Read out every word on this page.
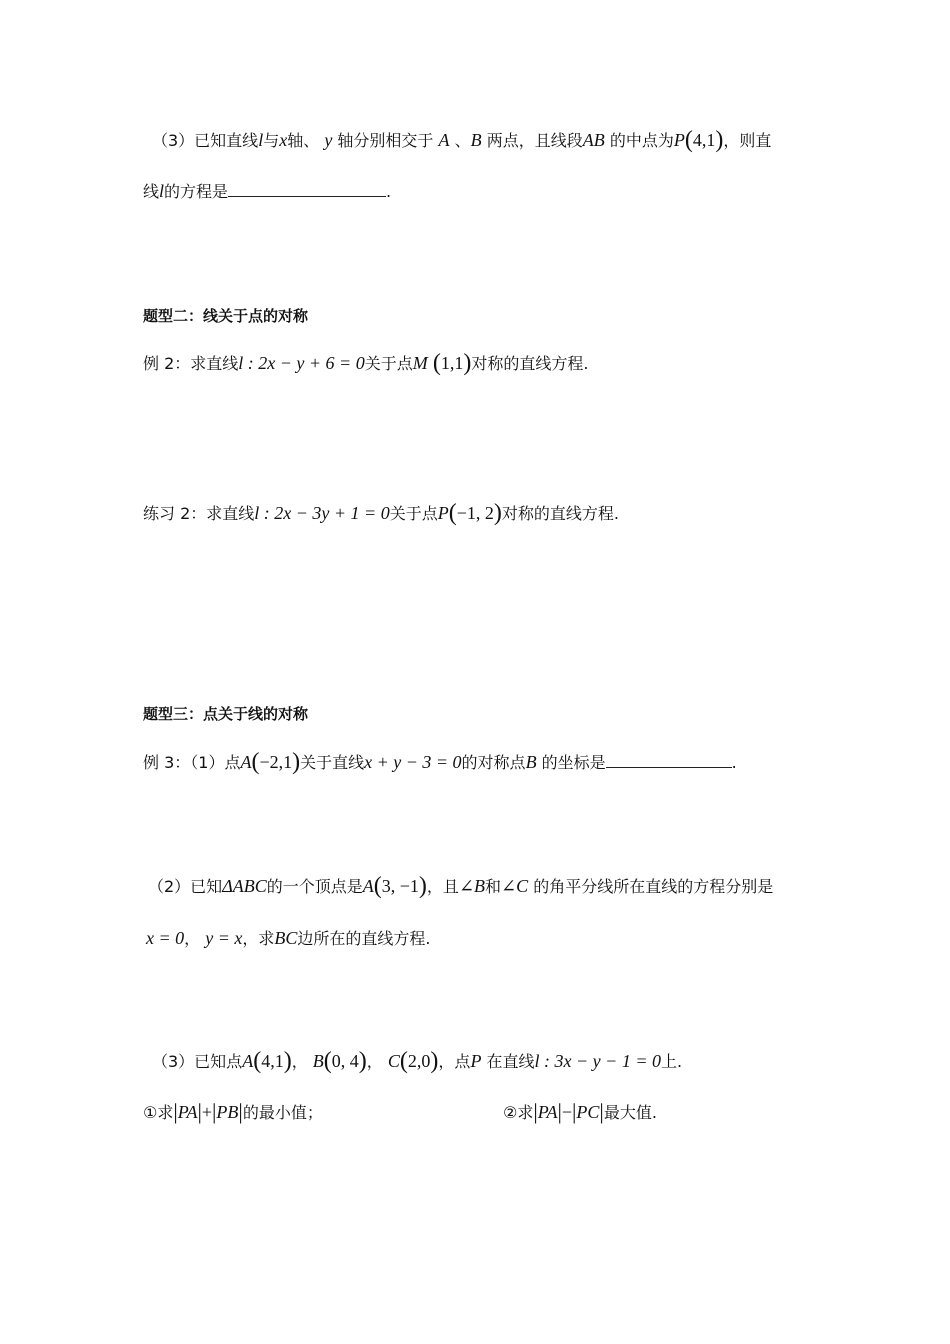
（3）已知直线l与x轴、 y 轴分别相交于 A 、B 两点，且线段AB 的中点为P(4,1)，则直
线l的方程是	.
题型二：线关于点的对称
例 2：求直线l : 2x − y + 6 = 0关于点M (1,1)对称的直线方程.
练习 2：求直线l : 2x − 3y + 1 = 0关于点P(−1, 2)对称的直线方程.
题型三：点关于线的对称
例 3：（1）点A(−2,1)关于直线x + y − 3 = 0的对称点B 的坐标是	.
（2）已知ΔABC的一个顶点是A(3, −1)，且∠B和∠C 的角平分线所在直线的方程分别是
x = 0， y = x，求BC边所在的直线方程.
（3）已知点A(4,1)， B(0, 4)， C(2,0)，点P 在直线l : 3x − y − 1 = 0上.
①求|PA|+|PB|的最小值；	②求|PA|−|PC|最大值.
